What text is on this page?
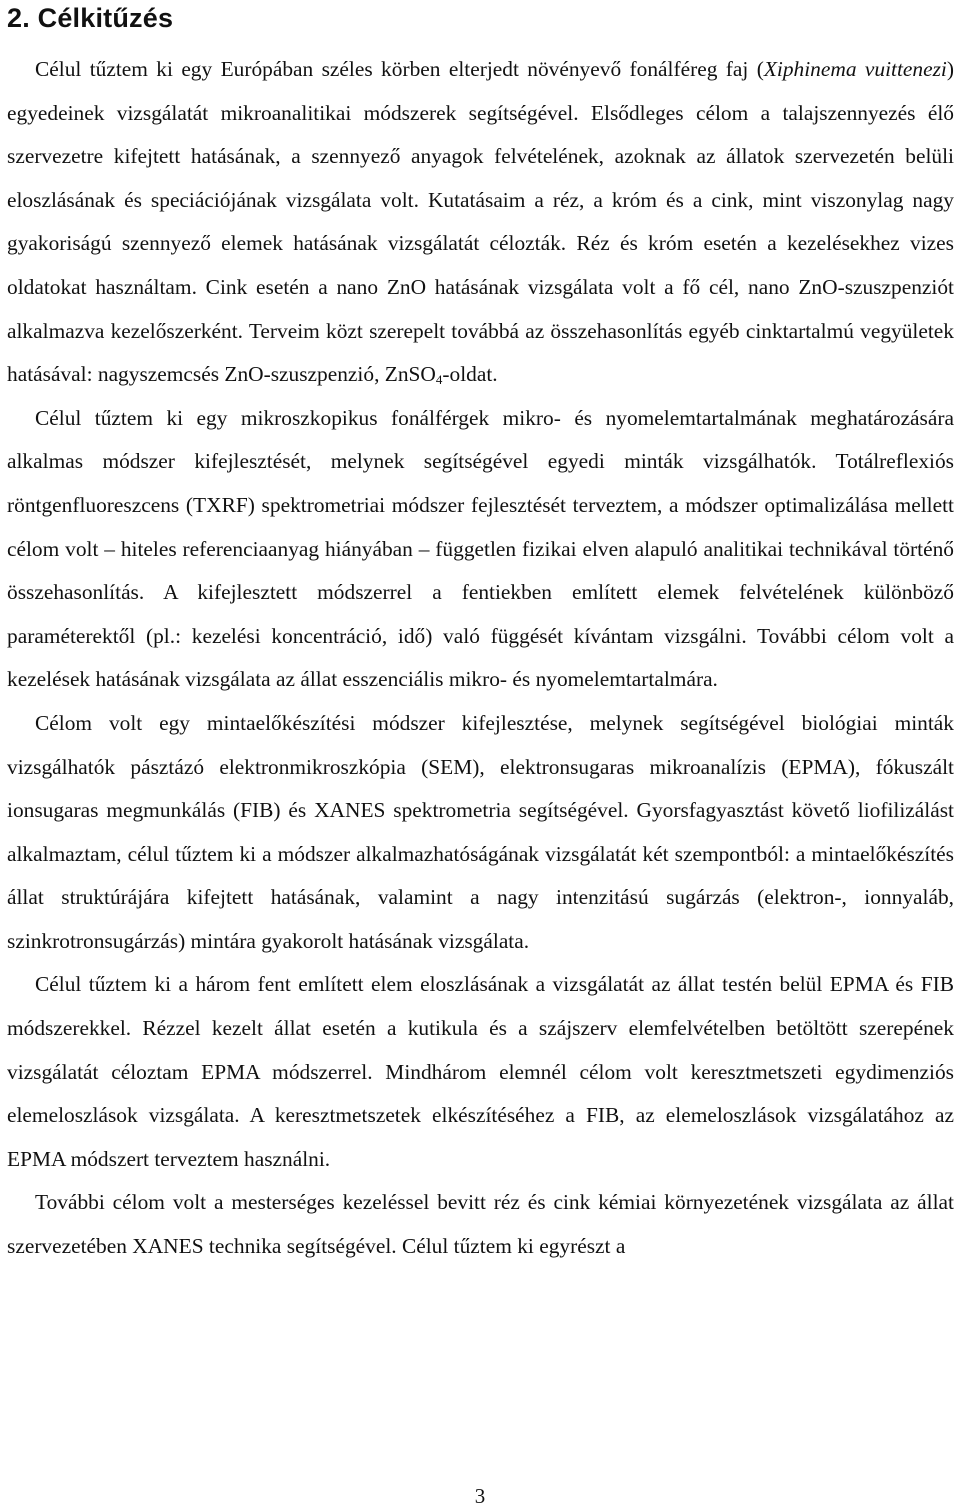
2. Célkitűzés

Célul tűztem ki egy Európában széles körben elterjedt növényevő fonálféreg faj (Xiphinema vuittenezi) egyedeinek vizsgálatát mikroanalitikai módszerek segítségével. Elsődleges célom a talajszennyezés élő szervezetre kifejtett hatásának, a szennyező anyagok felvételének, azoknak az állatok szervezetén belüli eloszlásának és speciációjának vizsgálata volt. Kutatásaim a réz, a króm és a cink, mint viszonylag nagy gyakoriságú szennyező elemek hatásának vizsgálatát célozták. Réz és króm esetén a kezelésekhez vizes oldatokat használtam. Cink esetén a nano ZnO hatásának vizsgálata volt a fő cél, nano ZnO-szuszpenziót alkalmazva kezelőszerként. Terveim közt szerepelt továbbá az összehasonlítás egyéb cinktartalmú vegyületek hatásával: nagyszemcsés ZnO-szuszpenzió, ZnSO$_4$-oldat.

Célul tűztem ki egy mikroszkopikus fonálférgek mikro- és nyomelemtartalmának meghatározására alkalmas módszer kifejlesztését, melynek segítségével egyedi minták vizsgálhatók. Totálreflexiós röntgenfluoreszcens (TXRF) spektrometriai módszer fejlesztését terveztem, a módszer optimalizálása mellett célom volt – hiteles referenciaanyag hiányában – független fizikai elven alapuló analitikai technikával történő összehasonlítás. A kifejlesztett módszerrel a fentiekben említett elemek felvételének különböző paraméterektől (pl.: kezelési koncentráció, idő) való függését kívántam vizsgálni. További célom volt a kezelések hatásának vizsgálata az állat esszenciális mikro- és nyomelemtartalmára.

Célom volt egy mintaelőkészítési módszer kifejlesztése, melynek segítségével biológiai minták vizsgálhatók pásztázó elektronmikroszkópia (SEM), elektronsugaras mikroanalízis (EPMA), fókuszált ionsugaras megmunkálás (FIB) és XANES spektrometria segítségével. Gyorsfagyasztást követő liofilizálást alkalmaztam, célul tűztem ki a módszer alkalmazhatóságának vizsgálatát két szempontból: a mintaelőkészítés állat struktúrájára kifejtett hatásának, valamint a nagy intenzitású sugárzás (elektron-, ionnyaláb, szinkrotronsugárzás) mintára gyakorolt hatásának vizsgálata.

Célul tűztem ki a három fent említett elem eloszlásának a vizsgálatát az állat testén belül EPMA és FIB módszerekkel. Rézzel kezelt állat esetén a kutikula és a szájszerv elemfelvételben betöltött szerepének vizsgálatát céloztam EPMA módszerrel. Mindhárom elemnél célom volt keresztmetszeti egydimenziós elemeloszlások vizsgálata. A keresztmetszetek elkészítéséhez a FIB, az elemeloszlások vizsgálatához az EPMA módszert terveztem használni.

További célom volt a mesterséges kezeléssel bevitt réz és cink kémiai környezetének vizsgálata az állat szervezetében XANES technika segítségével. Célul tűztem ki egyrészt a

3
